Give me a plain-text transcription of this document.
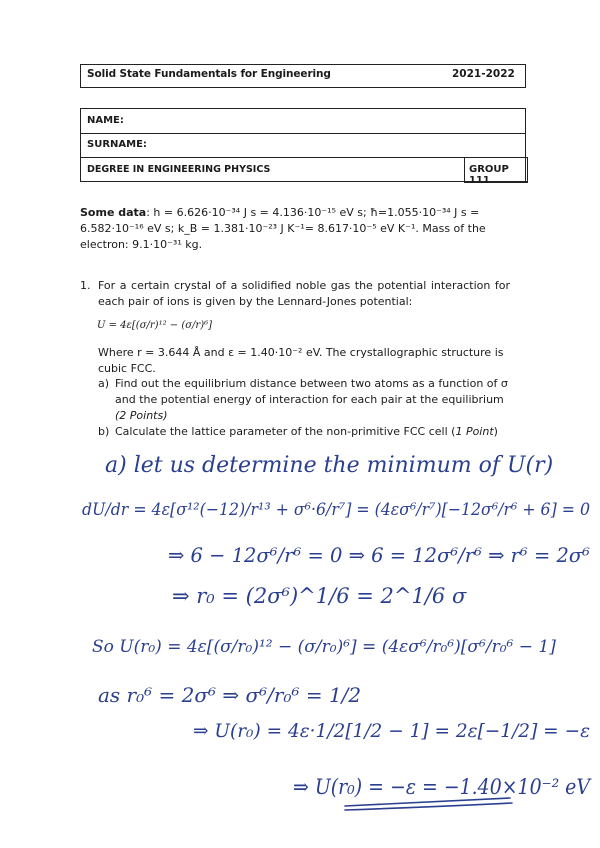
Solid State Fundamentals for Engineering	2021-2022
NAME:
SURNAME:
DEGREE IN ENGINEERING PHYSICS	GROUP 111
Some data: h = 6.626·10⁻³⁴ J s = 4.136·10⁻¹⁵ eV s; ħ=1.055·10⁻³⁴ J s =
6.582·10⁻¹⁶ eV s; k_B = 1.381·10⁻²³ J K⁻¹= 8.617·10⁻⁵ eV K⁻¹. Mass of the
electron: 9.1·10⁻³¹ kg.
1. For a certain crystal of a solidified noble gas the potential interaction for each pair of ions is given by the Lennard-Jones potential:
U = 4ε[(σ/r)¹² − (σ/r)⁶]
Where r = 3.644 Å and ε = 1.40·10⁻² eV. The crystallographic structure is
cubic FCC.
a) Find out the equilibrium distance between two atoms as a function of σ and the potential energy of interaction for each pair at the equilibrium (2 Points)
b) Calculate the lattice parameter of the non-primitive FCC cell (1 Point)
a) let us determine the minimum of U(r)
dU/dr = 4ε[σ¹²(−12)/r¹³ + σ⁶·6/r⁷] = (4εσ⁶/r⁷)[−12σ⁶/r⁶ + 6] = 0
⇒ 6 − 12σ⁶/r⁶ = 0 ⇒ 6 = 12σ⁶/r⁶ ⇒ r⁶ = 2σ⁶
⇒ r₀ = (2σ⁶)^1/6 = 2^1/6 σ
So U(r₀) = 4ε[(σ/r₀)¹² − (σ/r₀)⁶] = (4εσ⁶/r₀⁶)[σ⁶/r₀⁶ − 1]
as r₀⁶ = 2σ⁶ ⇒ σ⁶/r₀⁶ = 1/2
⇒ U(r₀) = 4ε·1/2[1/2 − 1] = 2ε[−1/2] = −ε
⇒ U(r₀) = −ε = −1.40×10⁻² eV
